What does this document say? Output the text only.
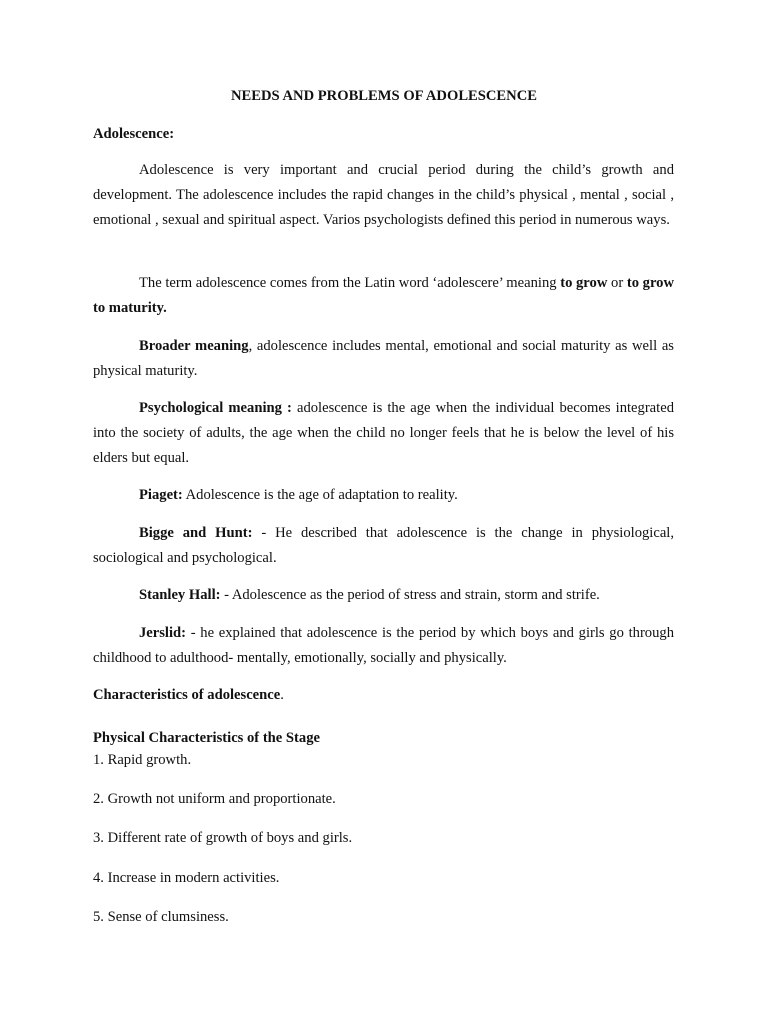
NEEDS AND PROBLEMS OF ADOLESCENCE
Adolescence:
Adolescence is very important and crucial period during the child’s growth and development. The adolescence includes the rapid changes in the child’s physical , mental , social , emotional , sexual and spiritual aspect. Varios psychologists defined this period in numerous ways.
The term adolescence comes from the Latin word ‘adolescere’ meaning to grow or to grow to maturity.
Broader meaning, adolescence includes mental, emotional and social maturity as well as physical maturity.
Psychological meaning : adolescence is the age when the individual becomes integrated into the society of adults, the age when the child no longer feels that he is below the level of his elders but equal.
Piaget: Adolescence is the age of adaptation to reality.
Bigge and Hunt: - He described that adolescence is the change in physiological, sociological and psychological.
Stanley Hall: - Adolescence as the period of stress and strain, storm and strife.
Jerslid: - he explained that adolescence is the period by which boys and girls go through childhood to adulthood- mentally, emotionally, socially and physically.
Characteristics of adolescence.
Physical Characteristics of the Stage
1. Rapid growth.
2. Growth not uniform and proportionate.
3. Different rate of growth of boys and girls.
4. Increase in modern activities.
5. Sense of clumsiness.
